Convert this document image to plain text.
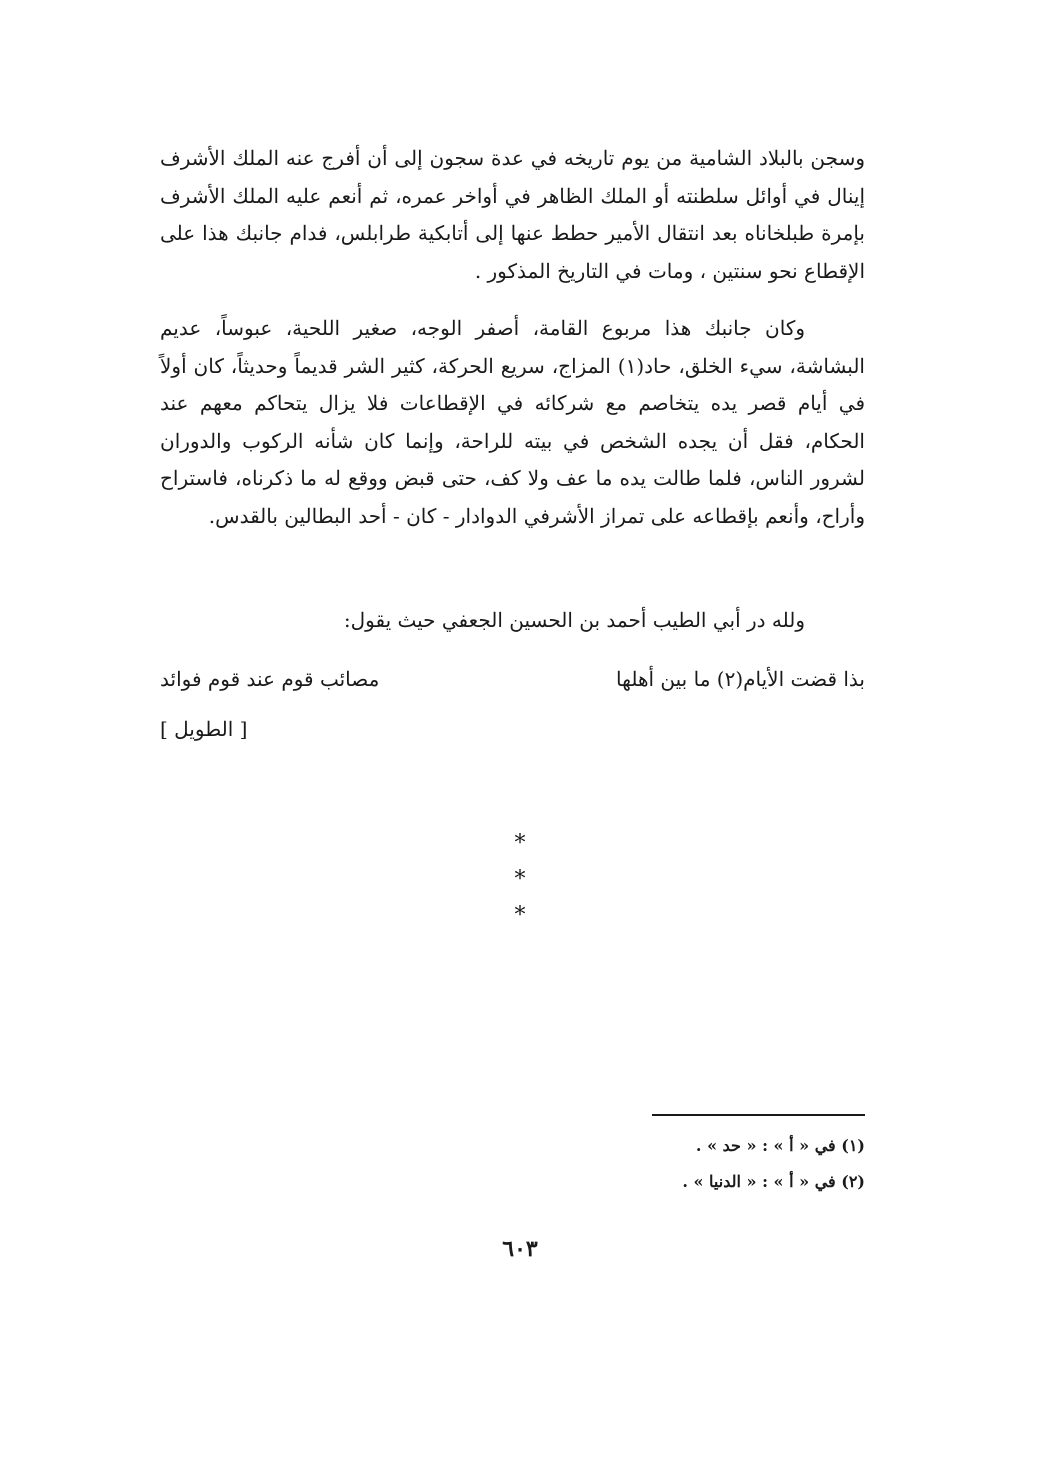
وسجن بالبلاد الشامية من يوم تاريخه في عدة سجون إلى أن أفرج عنه الملك الأشرف إينال في أوائل سلطنته أو الملك الظاهر في أواخر عمره، ثم أنعم عليه الملك الأشرف بإمرة طبلخاناه بعد انتقال الأمير حطط عنها إلى أتابكية طرابلس، فدام جانبك هذا على الإقطاع نحو سنتين ، ومات في التاريخ المذكور .

وكان جانبك هذا مربوع القامة، أصفر الوجه، صغير اللحية، عبوساً، عديم البشاشة، سيء الخلق، حاد(١) المزاج، سريع الحركة، كثير الشر قديماً وحديثاً، كان أولاً في أيام قصر يده يتخاصم مع شركائه في الإقطاعات فلا يزال يتحاكم معهم عند الحكام، فقل أن يجده الشخص في بيته للراحة، وإنما كان شأنه الركوب والدوران لشرور الناس، فلما طالت يده ما عف ولا كف، حتى قبض ووقع له ما ذكرناه، فاستراح وأراح، وأنعم بإقطاعه على تمراز الأشرفي الدوادار - كان - أحد البطالين بالقدس.

ولله در أبي الطيب أحمد بن الحسين الجعفي حيث يقول:

بذا قضت الأيام(٢) ما بين أهلها
مصائب قوم عند قوم فوائد
[ الطويل ]
* * *
(١) في « أ » : « حد » .
(٢) في « أ » : « الدنيا » .
٦٠٣
